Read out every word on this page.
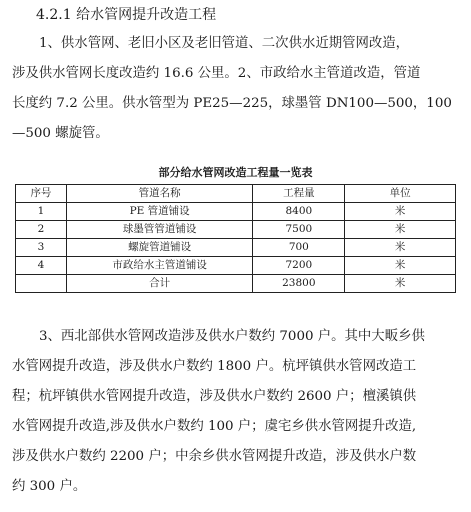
4.2.1 给水管网提升改造工程
1、供水管网、老旧小区及老旧管道、二次供水近期管网改造，
涉及供水管网长度改造约 16.6 公里。2、市政给水主管道改造，管道
长度约 7.2 公里。供水管型为 PE25—225，球墨管 DN100—500，100
—500 螺旋管。
部分给水管网改造工程量一览表
序号	管道名称	工程量	单位
1	PE 管道铺设	8400	米
2	球墨管管道铺设	7500	米
3	螺旋管道铺设	700	米
4	市政给水主管道铺设	7200	米
	合计	23800	米
3、西北部供水管网改造涉及供水户数约 7000 户。其中大畈乡供
水管网提升改造，涉及供水户数约 1800 户。杭坪镇供水管网改造工
程；杭坪镇供水管网提升改造，涉及供水户数约 2600 户；檀溪镇供
水管网提升改造,涉及供水户数约 100 户；虞宅乡供水管网提升改造,
涉及供水户数约 2200 户；中余乡供水管网提升改造，涉及供水户数
约 300 户。
